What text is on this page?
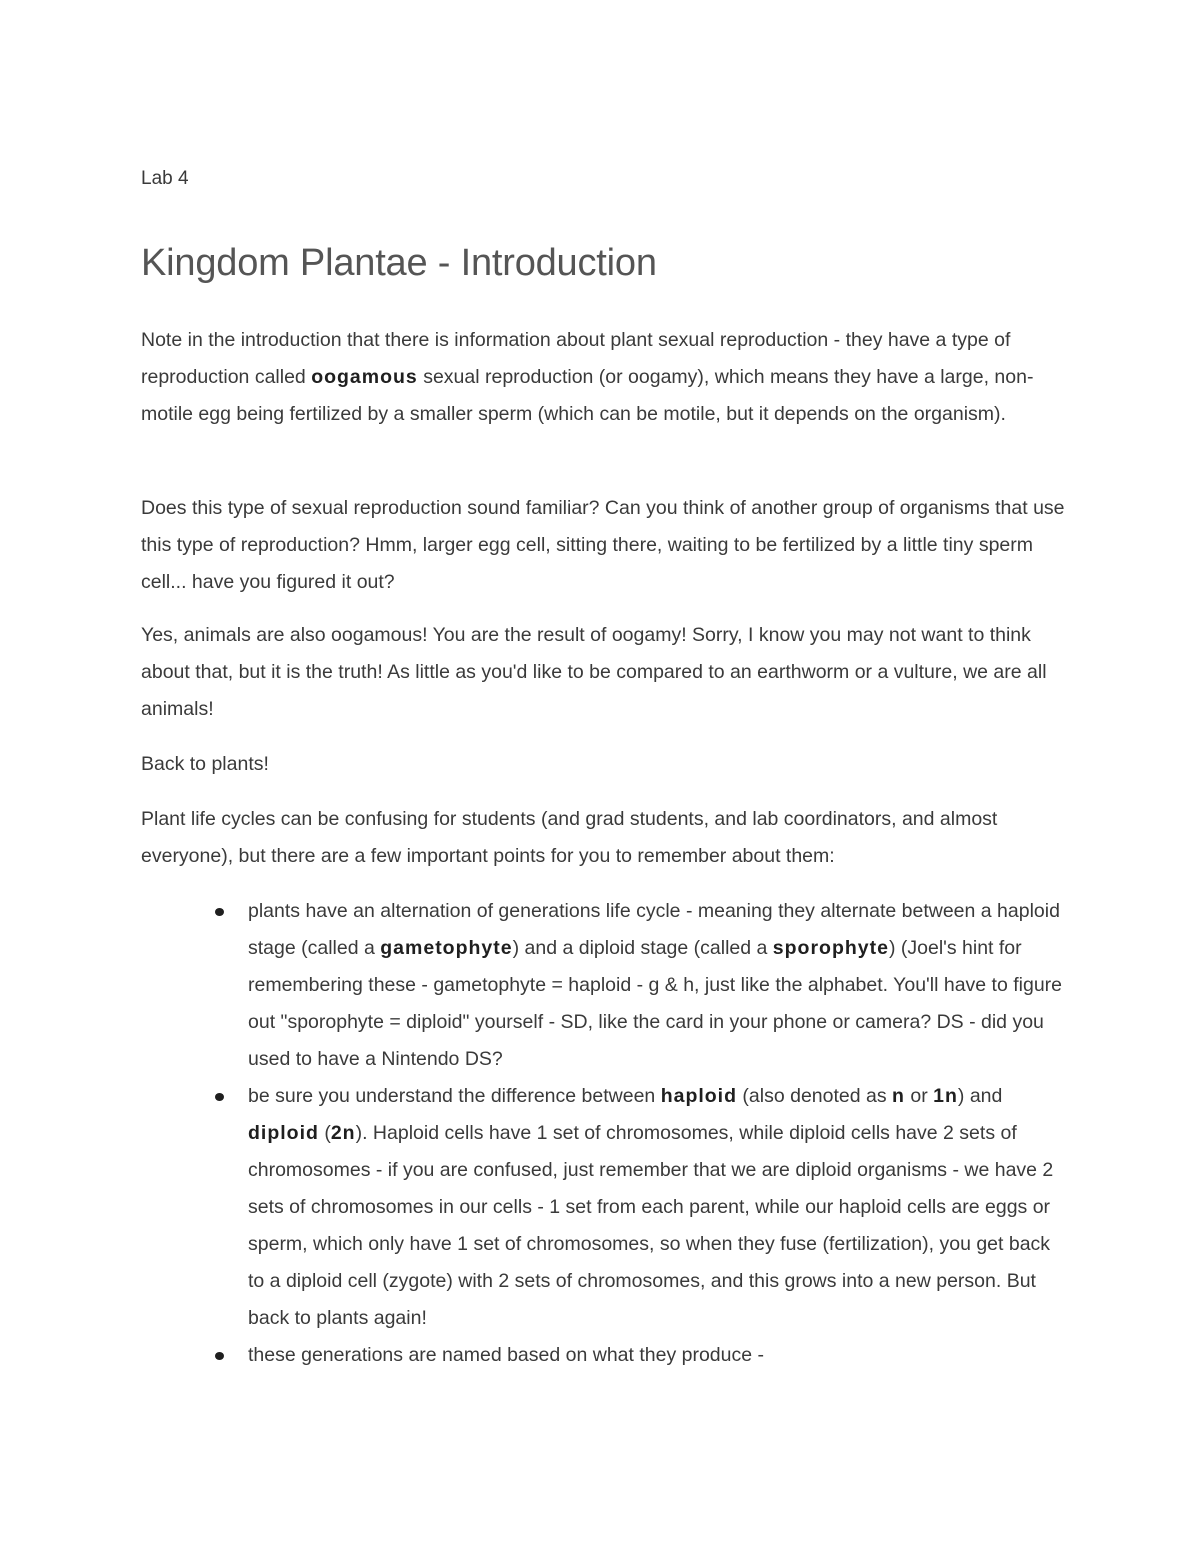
Lab 4

Kingdom Plantae - Introduction

Note in the introduction that there is information about plant sexual reproduction - they have a type of reproduction called oogamous sexual reproduction (or oogamy), which means they have a large, non-motile egg being fertilized by a smaller sperm (which can be motile, but it depends on the organism).

Does this type of sexual reproduction sound familiar? Can you think of another group of organisms that use this type of reproduction? Hmm, larger egg cell, sitting there, waiting to be fertilized by a little tiny sperm cell... have you figured it out?

Yes, animals are also oogamous! You are the result of oogamy! Sorry, I know you may not want to think about that, but it is the truth! As little as you'd like to be compared to an earthworm or a vulture, we are all animals!

Back to plants!

Plant life cycles can be confusing for students (and grad students, and lab coordinators, and almost everyone), but there are a few important points for you to remember about them:

plants have an alternation of generations life cycle - meaning they alternate between a haploid stage (called a gametophyte) and a diploid stage (called a sporophyte) (Joel's hint for remembering these - gametophyte = haploid - g & h, just like the alphabet. You'll have to figure out "sporophyte = diploid" yourself - SD, like the card in your phone or camera? DS - did you used to have a Nintendo DS?
be sure you understand the difference between haploid (also denoted as n or 1n) and diploid (2n). Haploid cells have 1 set of chromosomes, while diploid cells have 2 sets of chromosomes - if you are confused, just remember that we are diploid organisms - we have 2 sets of chromosomes in our cells - 1 set from each parent, while our haploid cells are eggs or sperm, which only have 1 set of chromosomes, so when they fuse (fertilization), you get back to a diploid cell (zygote) with 2 sets of chromosomes, and this grows into a new person. But back to plants again!
these generations are named based on what they produce -
